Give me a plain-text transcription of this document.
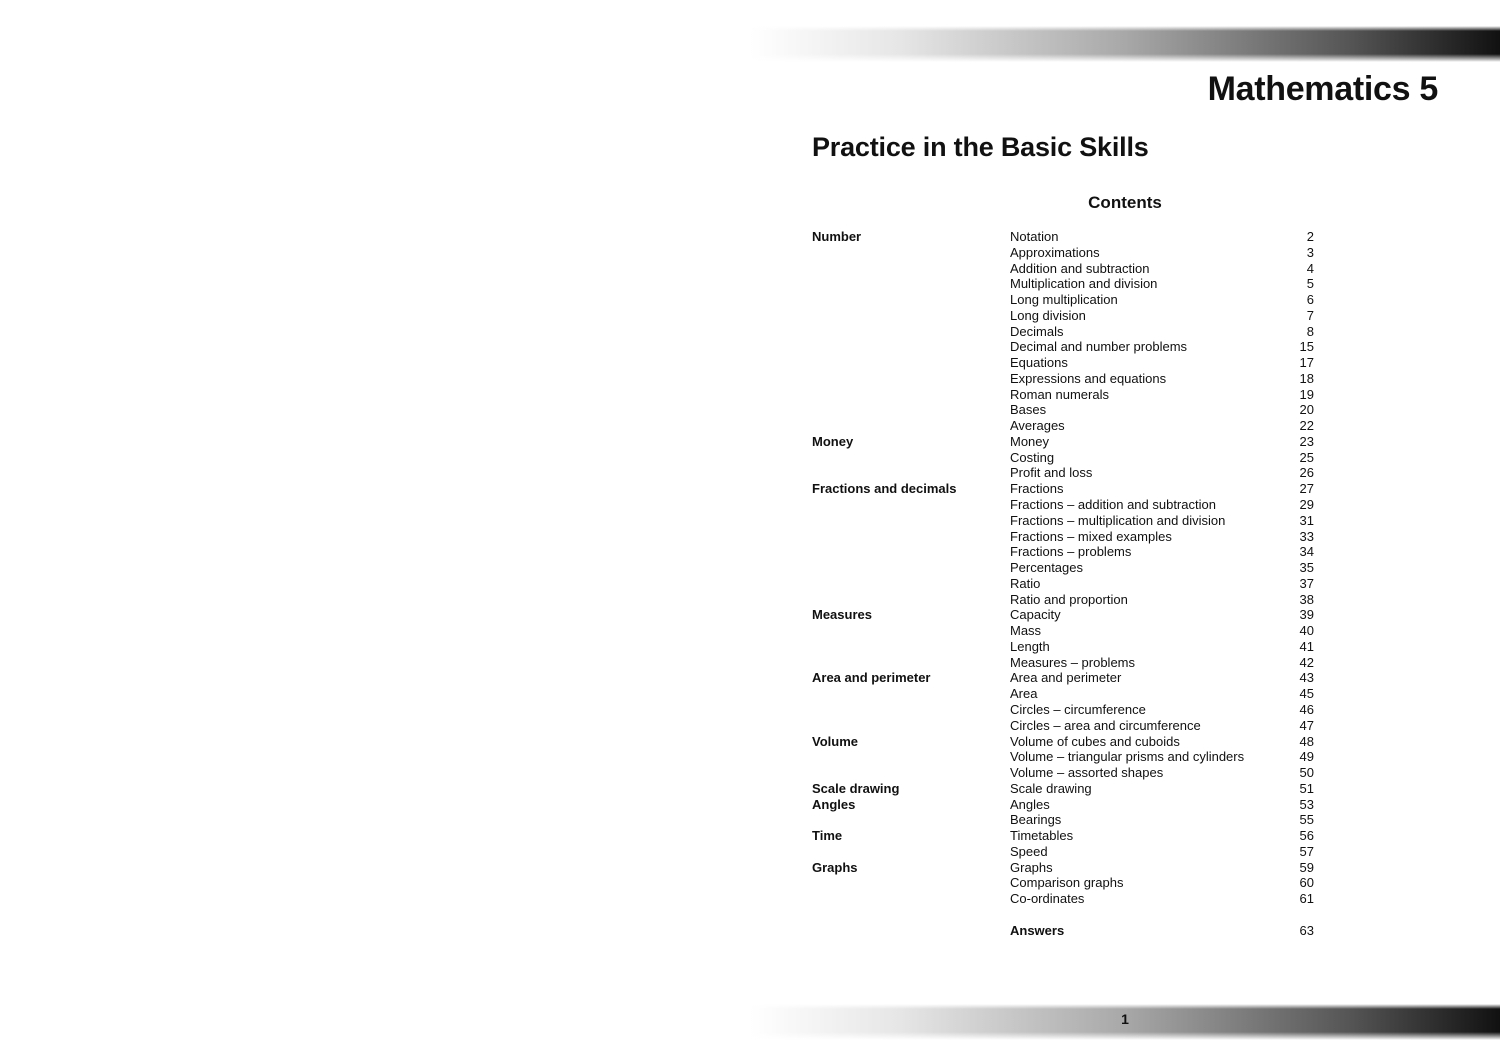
Mathematics 5
Practice in the Basic Skills
Contents
Number	Notation	2
Approximations	3
Addition and subtraction	4
Multiplication and division	5
Long multiplication	6
Long division	7
Decimals	8
Decimal and number problems	15
Equations	17
Expressions and equations	18
Roman numerals	19
Bases	20
Averages	22
Money	Money	23
Costing	25
Profit and loss	26
Fractions and decimals	Fractions	27
Fractions – addition and subtraction	29
Fractions – multiplication and division	31
Fractions – mixed examples	33
Fractions – problems	34
Percentages	35
Ratio	37
Ratio and proportion	38
Measures	Capacity	39
Mass	40
Length	41
Measures – problems	42
Area and perimeter	Area and perimeter	43
Area	45
Circles – circumference	46
Circles – area and circumference	47
Volume	Volume of cubes and cuboids	48
Volume – triangular prisms and cylinders	49
Volume – assorted shapes	50
Scale drawing	Scale drawing	51
Angles	Angles	53
Bearings	55
Time	Timetables	56
Speed	57
Graphs	Graphs	59
Comparison graphs	60
Co-ordinates	61
Answers	63
1
